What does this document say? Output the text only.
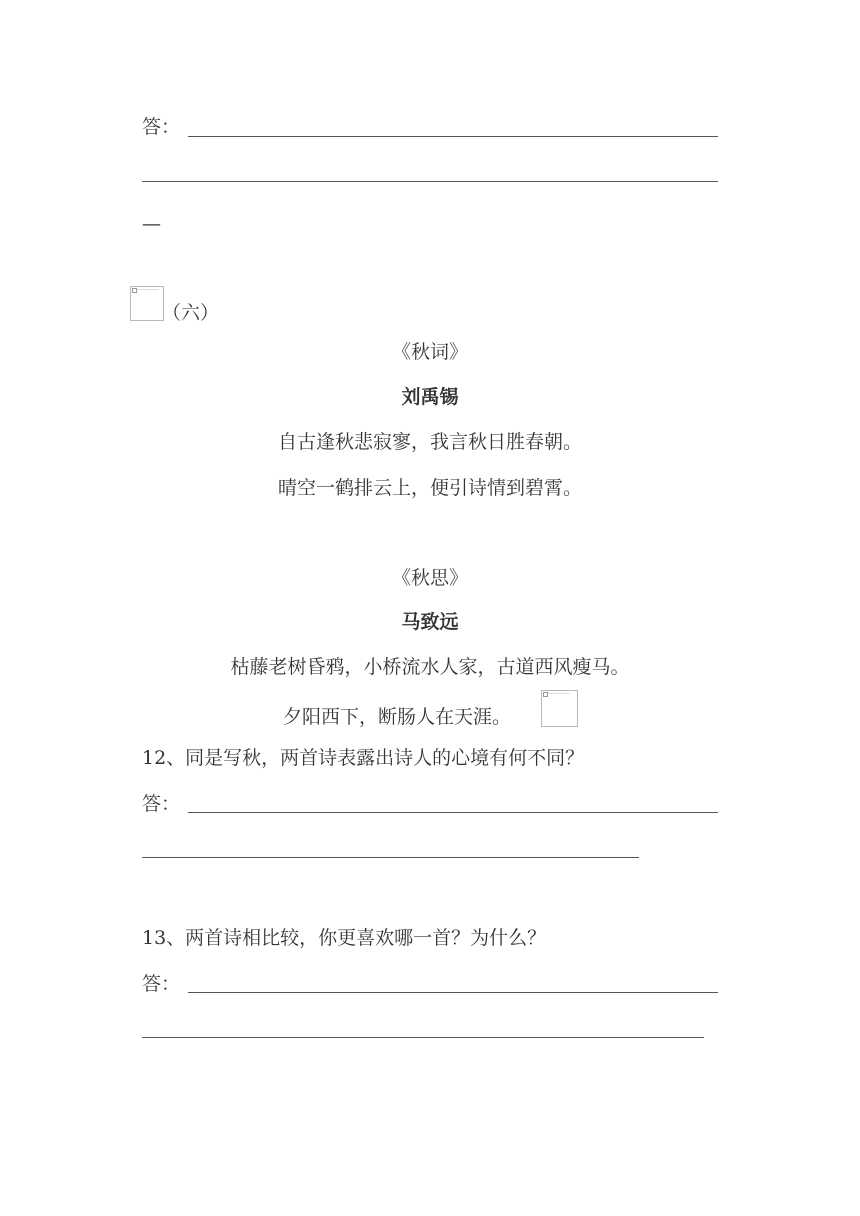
答：
—
（六）
《秋词》
刘禹锡
自古逢秋悲寂寥，我言秋日胜春朝。
晴空一鹤排云上，便引诗情到碧霄。
《秋思》
马致远
枯藤老树昏鸦，小桥流水人家，古道西风瘦马。
夕阳西下，断肠人在天涯。
12、同是写秋，两首诗表露出诗人的心境有何不同？
答：
13、两首诗相比较，你更喜欢哪一首？为什么？
答：
